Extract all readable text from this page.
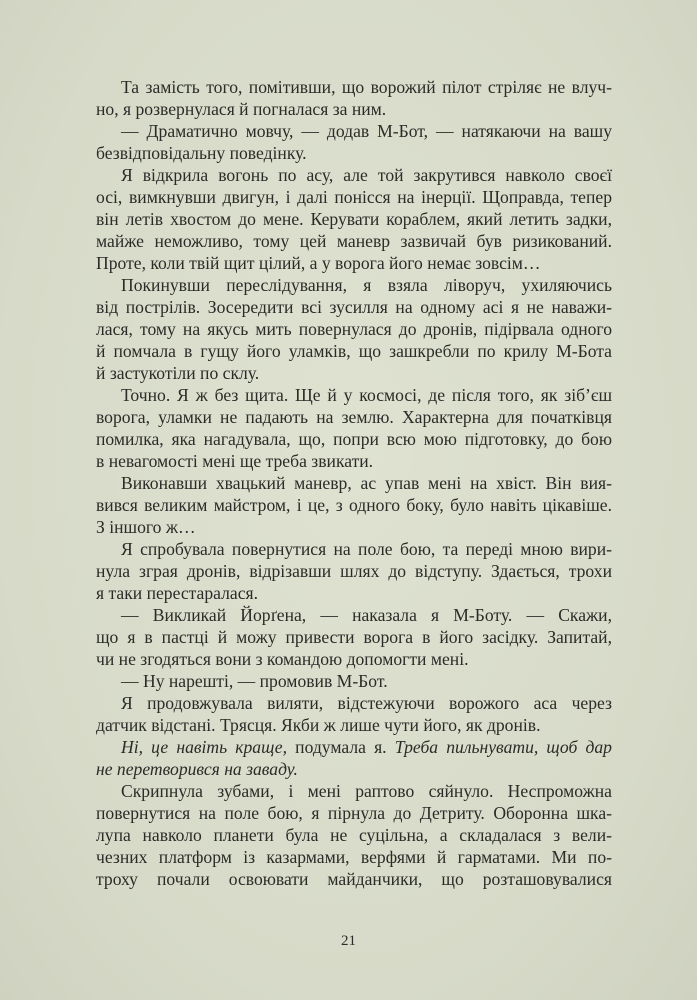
Та замість того, помітивши, що ворожий пілот стріляє не влуч-
но, я розвернулася й погналася за ним.
— Драматично мовчу, — додав М-Бот, — натякаючи на вашу
безвідповідальну поведінку.
Я відкрила вогонь по асу, але той закрутився навколо своєї
осі, вимкнувши двигун, і далі понісся на інерції. Щоправда, тепер
він летів хвостом до мене. Керувати кораблем, який летить задки,
майже неможливо, тому цей маневр зазвичай був ризикований.
Проте, коли твій щит цілий, а у ворога його немає зовсім…
Покинувши переслідування, я взяла ліворуч, ухиляючись
від пострілів. Зосередити всі зусилля на одному асі я не наважи-
лася, тому на якусь мить повернулася до дронів, підірвала одного
й помчала в гущу його уламків, що зашкребли по крилу М-Бота
й застукотіли по склу.
Точно. Я ж без щита. Ще й у космосі, де після того, як зіб’єш
ворога, уламки не падають на землю. Характерна для початківця
помилка, яка нагадувала, що, попри всю мою підготовку, до бою
в невагомості мені ще треба звикати.
Виконавши хвацький маневр, ас упав мені на хвіст. Він вия-
вився великим майстром, і це, з одного боку, було навіть цікавіше.
З іншого ж…
Я спробувала повернутися на поле бою, та переді мною вири-
нула зграя дронів, відрізавши шлях до відступу. Здається, трохи
я таки перестаралася.
— Викликай Йорґена, — наказала я М-Боту. — Скажи,
що я в пастці й можу привести ворога в його засідку. Запитай,
чи не згодяться вони з командою допомогти мені.
— Ну нарешті, — промовив М-Бот.
Я продовжувала виляти, відстежуючи ворожого аса через
датчик відстані. Трясця. Якби ж лише чути його, як дронів.
Ні, це навіть краще, подумала я. Треба пильнувати, щоб дар
не перетворився на заваду.
Скрипнула зубами, і мені раптово сяйнуло. Неспроможна
повернутися на поле бою, я пірнула до Детриту. Оборонна шка-
лупа навколо планети була не суцільна, а складалася з вели-
чезних платформ із казармами, верфями й гарматами. Ми по-
троху почали освоювати майданчики, що розташовувалися
21
